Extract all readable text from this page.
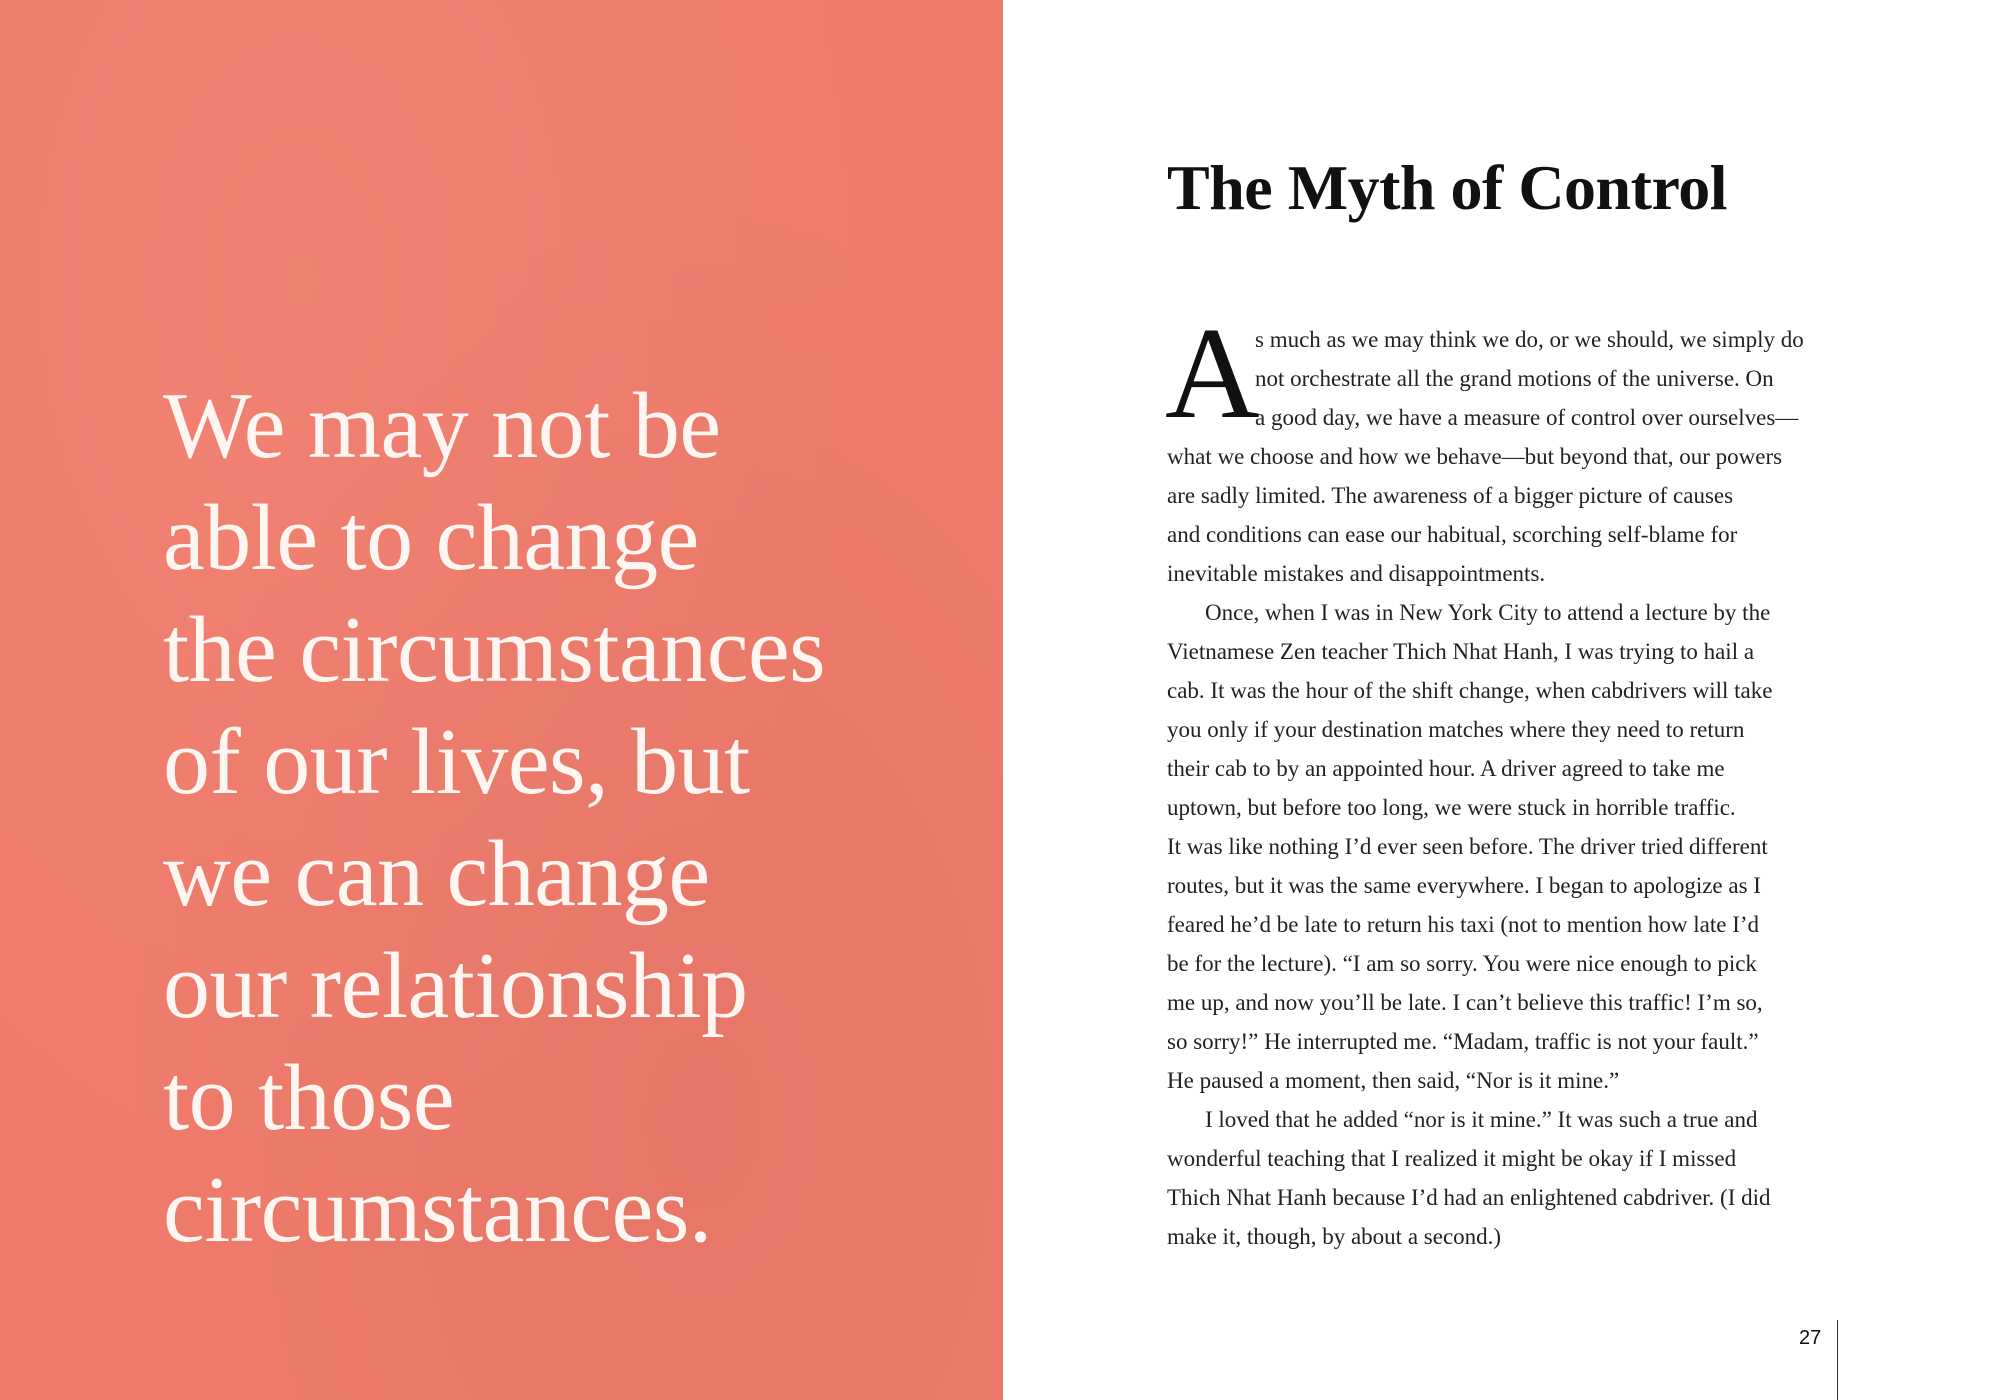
We may not be
able to change
the circumstances
of our lives, but
we can change
our relationship
to those
circumstances.

The Myth of Control
A
s much as we may think we do, or we should, we simply do
not orchestrate all the grand motions of the universe. On
a good day, we have a measure of control over ourselves—
what we choose and how we behave—but beyond that, our powers
are sadly limited. The awareness of a bigger picture of causes
and conditions can ease our habitual, scorching self-blame for
inevitable mistakes and disappointments.
Once, when I was in New York City to attend a lecture by the
Vietnamese Zen teacher Thich Nhat Hanh, I was trying to hail a
cab. It was the hour of the shift change, when cabdrivers will take
you only if your destination matches where they need to return
their cab to by an appointed hour. A driver agreed to take me
uptown, but before too long, we were stuck in horrible traffic.
It was like nothing I’d ever seen before. The driver tried different
routes, but it was the same everywhere. I began to apologize as I
feared he’d be late to return his taxi (not to mention how late I’d
be for the lecture). “I am so sorry. You were nice enough to pick
me up, and now you’ll be late. I can’t believe this traffic! I’m so,
so sorry!” He interrupted me. “Madam, traffic is not your fault.”
He paused a moment, then said, “Nor is it mine.”
I loved that he added “nor is it mine.” It was such a true and
wonderful teaching that I realized it might be okay if I missed
Thich Nhat Hanh because I’d had an enlightened cabdriver. (I did
make it, though, by about a second.)
27
